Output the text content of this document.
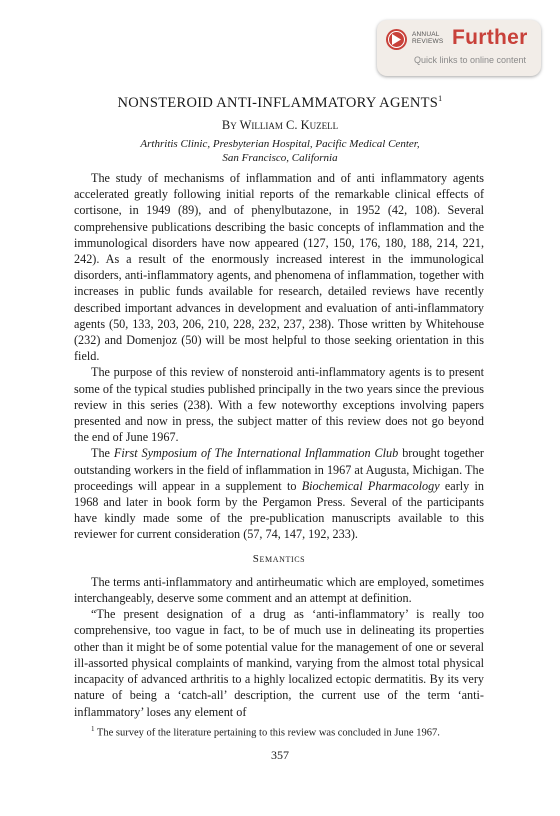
ANNUAL
REVIEWS Further
Quick links to online content
NONSTEROID ANTI-INFLAMMATORY AGENTS$^1$
By William C. Kuzell
Arthritis Clinic, Presbyterian Hospital, Pacific Medical Center,
San Francisco, California

The study of mechanisms of inflammation and of anti inflammatory agents accelerated greatly following initial reports of the remarkable clinical effects of cortisone, in 1949 (89), and of phenylbutazone, in 1952 (42, 108). Several comprehensive publications describing the basic concepts of inflammation and the immunological disorders have now appeared (127, 150, 176, 180, 188, 214, 221, 242). As a result of the enormously increased interest in the immunological disorders, anti-inflammatory agents, and phenomena of inflammation, together with increases in public funds available for research, detailed reviews have recently described important advances in development and evaluation of anti-inflammatory agents (50, 133, 203, 206, 210, 228, 232, 237, 238). Those written by Whitehouse (232) and Domenjoz (50) will be most helpful to those seeking orientation in this field.

The purpose of this review of nonsteroid anti-inflammatory agents is to present some of the typical studies published principally in the two years since the previous review in this series (238). With a few noteworthy exceptions involving papers presented and now in press, the subject matter of this review does not go beyond the end of June 1967.

The First Symposium of The International Inflammation Club brought together outstanding workers in the field of inflammation in 1967 at Augusta, Michigan. The proceedings will appear in a supplement to Biochemical Pharmacology early in 1968 and later in book form by the Pergamon Press. Several of the participants have kindly made some of the pre-publication manuscripts available to this reviewer for current consideration (57, 74, 147, 192, 233).

Semantics

The terms anti-inflammatory and antirheumatic which are employed, sometimes interchangeably, deserve some comment and an attempt at definition.

“The present designation of a drug as ‘anti-inflammatory’ is really too comprehensive, too vague in fact, to be of much use in delineating its properties other than it might be of some potential value for the management of one or several ill-assorted physical complaints of mankind, varying from the almost total physical incapacity of advanced arthritis to a highly localized ectopic dermatitis. By its very nature of being a ‘catch-all’ description, the current use of the term ‘anti-inflammatory’ loses any element of

$^1$ The survey of the literature pertaining to this review was concluded in June 1967.
357
